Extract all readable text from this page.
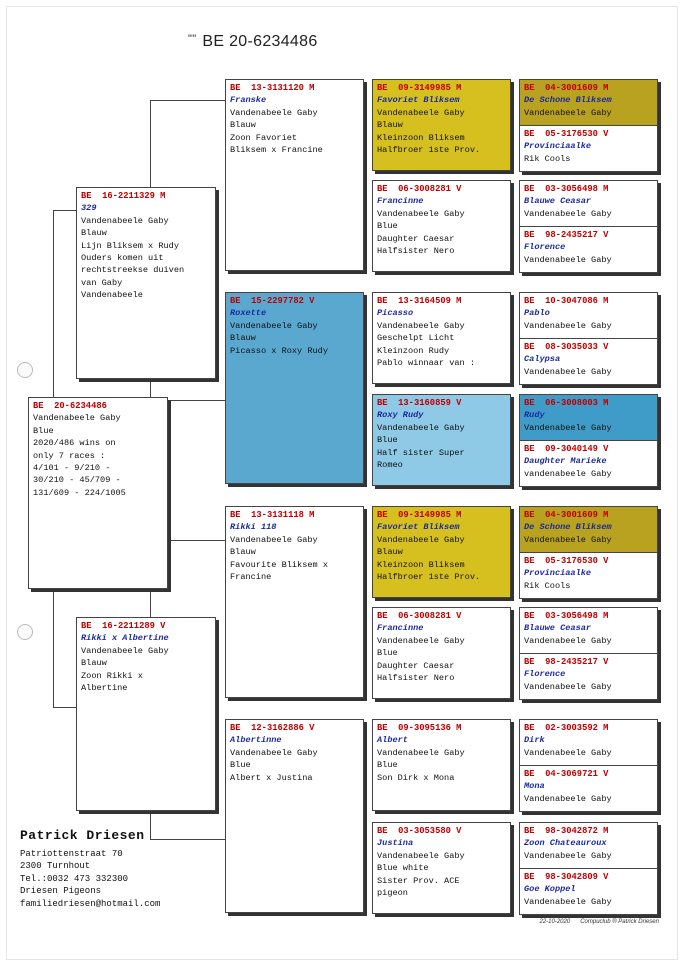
"" BE 20-6234486
BE  20-6234486
Vandenabeele Gaby
Blue
2020/486 wins on
only 7 races :
4/101 - 9/210 -
30/210 - 45/709 -
131/609 - 224/1005
BE  16-2211329 M
329
Vandenabeele Gaby
Blauw
Lijn Bliksem x Rudy
Ouders komen uit
rechtstreekse duiven
van Gaby
Vandenabeele
BE  16-2211289 V
Rikki x Albertine
Vandenabeele Gaby
Blauw
Zoon Rikki x
Albertine
BE  13-3131120 M
Franske
Vandenabeele Gaby
Blauw
Zoon Favoriet
Bliksem x Francine
BE  15-2297782 V
Roxette
Vandenabeele Gaby
Blauw
Picasso x Roxy Rudy
BE  13-3131118 M
Rikki 118
Vandenabeele Gaby
Blauw
Favourite Bliksem x
Francine
BE  12-3162886 V
Albertinne
Vandenabeele Gaby
Blue
Albert x Justina
BE  09-3149985 M
Favoriet Bliksem
Vandenabeele Gaby
Blauw
Kleinzoon Bliksem
Halfbroer 1ste Prov.
BE  06-3008281 V
Francinne
Vandenabeele Gaby
Blue
Daughter Caesar
Halfsister Nero
BE  13-3164509 M
Picasso
Vandenabeele Gaby
Geschelpt Licht
Kleinzoon Rudy
Pablo winnaar van :
BE  13-3160859 V
Roxy Rudy
Vandenabeele Gaby
Blue
Half sister Super
Romeo
BE  09-3149985 M
Favoriet Bliksem
Vandenabeele Gaby
Blauw
Kleinzoon Bliksem
Halfbroer 1ste Prov.
BE  06-3008281 V
Francinne
Vandenabeele Gaby
Blue
Daughter Caesar
Halfsister Nero
BE  09-3095136 M
Albert
Vandenabeele Gaby
Blue
Son Dirk x Mona
BE  03-3053580 V
Justina
Vandenabeele Gaby
Blue white
Sister Prov. ACE
pigeon
BE  04-3001609 M
De Schone Bliksem
Vandenabeele Gaby
BE  05-3176530 V
Provinciaalke
Rik Cools
BE  03-3056498 M
Blauwe Ceasar
Vandenabeele Gaby
BE  98-2435217 V
Florence
Vandenabeele Gaby
BE  10-3047086 M
Pablo
Vandenabeele Gaby
BE  08-3035033 V
Calypsa
Vandenabeele Gaby
BE  06-3008003 M
Rudy
Vandenabeele Gaby
BE  09-3040149 V
Daughter Marieke
vandenabeele Gaby
BE  04-3001609 M
De Schone Bliksem
Vandenabeele Gaby
BE  05-3176530 V
Provinciaalke
Rik Cools
BE  03-3056498 M
Blauwe Ceasar
Vandenabeele Gaby
BE  98-2435217 V
Florence
Vandenabeele Gaby
BE  02-3003592 M
Dirk
Vandenabeele Gaby
BE  04-3069721 V
Mona
Vandenabeele Gaby
BE  98-3042872 M
Zoon Chateauroux
Vandenabeele Gaby
BE  98-3042809 V
Goe Koppel
Vandenabeele Gaby
Patrick Driesen
Patriottenstraat 70
2300 Turnhout
Tel.:0032 473 332300
Driesen Pigeons
familiedriesen@hotmail.com
22-10-2020 Compuclub ® Patrick Driesen
